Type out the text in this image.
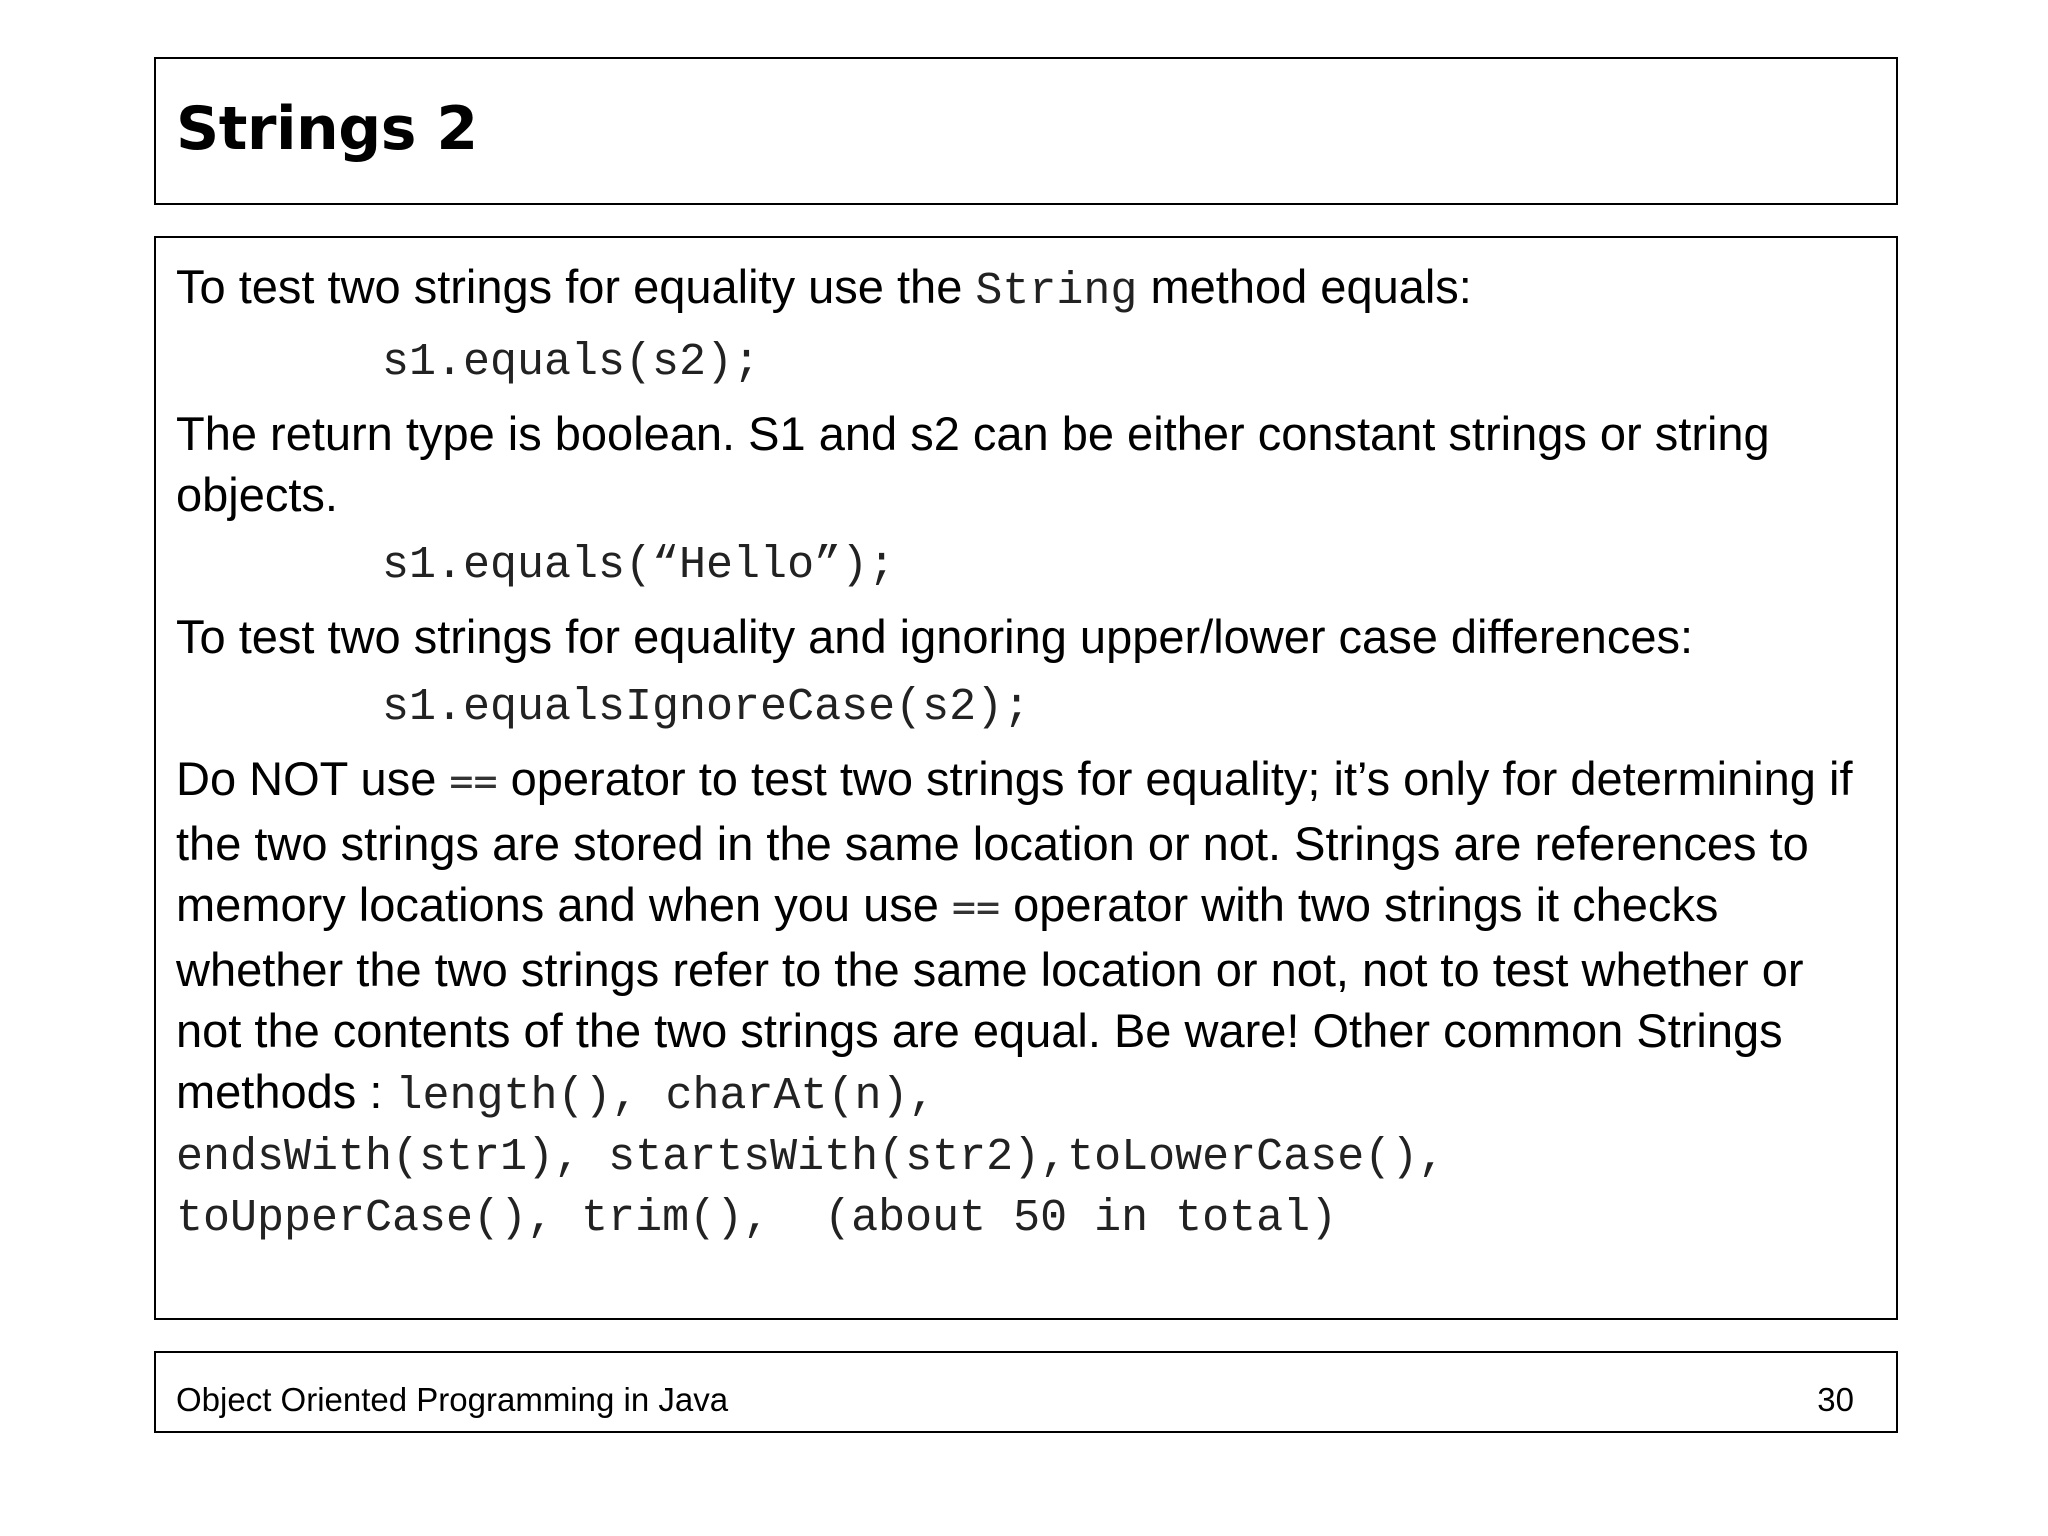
Strings 2

To test two strings for equality use the String method equals:

s1.equals(s2);

The return type is boolean. S1 and s2 can be either constant strings or string objects.

s1.equals(“Hello”);

To test two strings for equality and ignoring upper/lower case differences:

s1.equalsIgnoreCase(s2);

Do NOT use == operator to test two strings for equality; it’s only for determining if the two strings are stored in the same location or not. Strings are references to memory locations and when you use == operator with two strings it checks whether the two strings refer to the same location or not, not to test whether or not the contents of the two strings are equal. Be ware! Other common Strings methods : length(), charAt(n),

endsWith(str1), startsWith(str2),toLowerCase(),
toUpperCase(), trim(),  (about 50 in total)
Object Oriented Programming in Java	30
